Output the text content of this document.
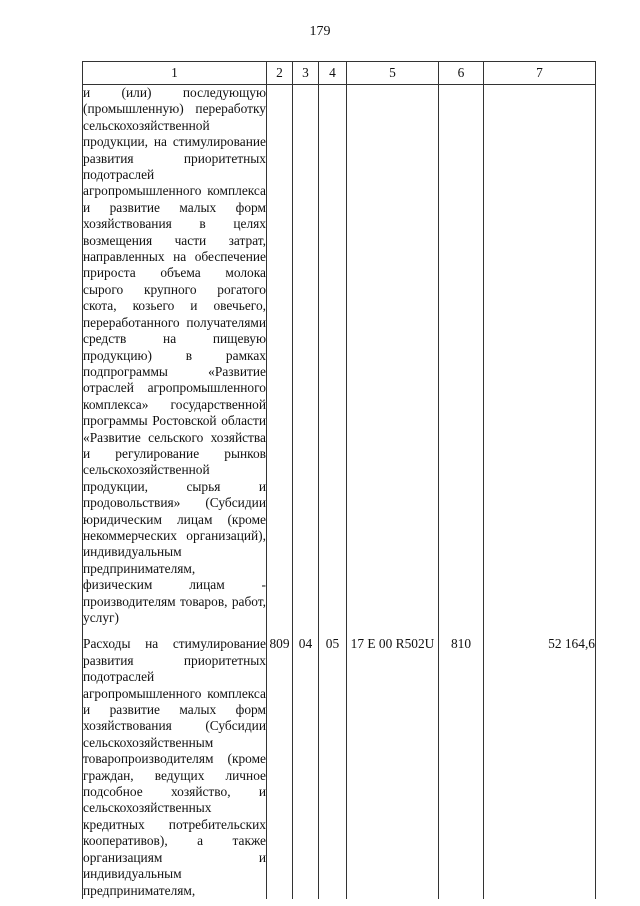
179
1	2	3	4	5	6	7
и (или) последующую (промышленную) переработку сельскохозяйственной продукции, на стимулирование развития приоритетных подотраслей агропромышленного комплекса и развитие малых форм хозяйствования в целях возмещения части затрат, направленных на обеспечение прироста объема молока сырого крупного рогатого скота, козьего и овечьего, переработанного получателями средств на пищевую продукцию) в рамках подпрограммы «Развитие отраслей агропромышленного комплекса» государственной программы Ростовской области «Развитие сельского хозяйства и регулирование рынков сельскохозяйственной продукции, сырья и продовольствия» (Субсидии юридическим лицам (кроме некоммерческих организаций), индивидуальным предпринимателям, физическим лицам - производителям товаров, работ, услуг)						
Расходы на стимулирование развития приоритетных подотраслей агропромышленного комплекса и развитие малых форм хозяйствования (Субсидии сельскохозяйственным товаропроизводителям (кроме граждан, ведущих личное подсобное хозяйство, и сельскохозяйственных кредитных потребительских кооперативов), а также организациям и индивидуальным предпринимателям,	809	04	05	17 Е 00 R502U	810	52 164,6
